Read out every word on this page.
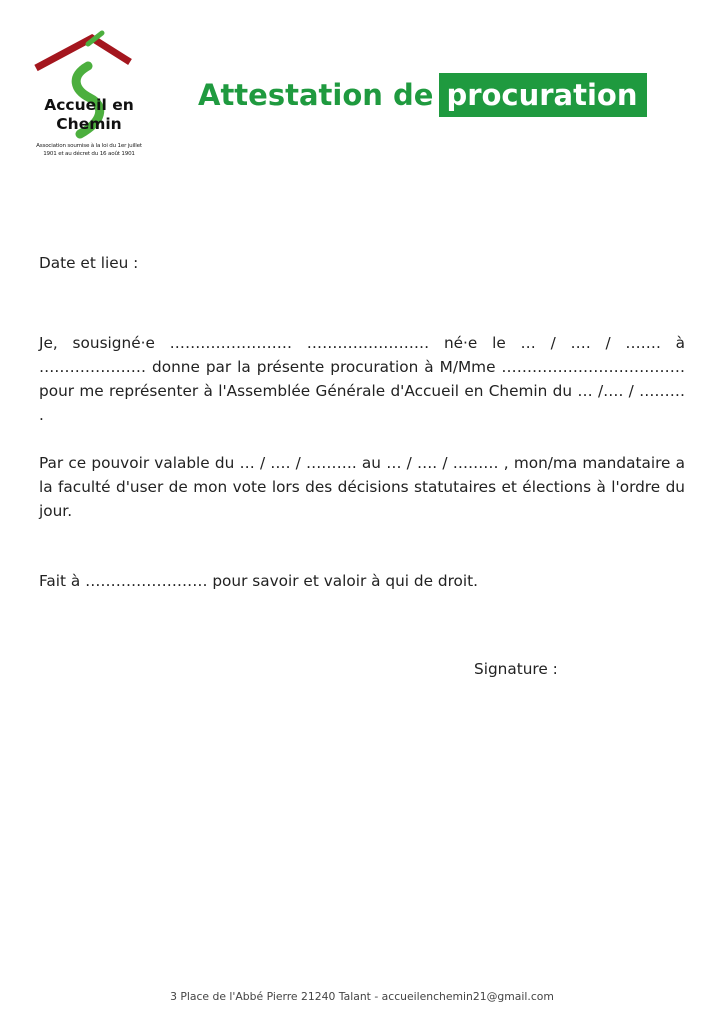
Accueil en
Chemin
Association soumise à la loi du 1er juillet
1901 et au décret du 16 août 1901
Attestation de procuration
Date et lieu :
Je, sousigné·e …………………… …………………… né·e le … / …. / ……. à ………………… donne par la présente procuration à M/Mme ……………………………… pour me représenter à l'Assemblée Générale d'Accueil en Chemin du … /…. / ……… .
Par ce pouvoir valable du … / …. / ………. au … / …. / ……… , mon/ma mandataire a la faculté d'user de mon vote lors des décisions statutaires et élections à l'ordre du jour.
Fait à …………………… pour savoir et valoir à qui de droit.
Signature :
3 Place de l'Abbé Pierre 21240 Talant - accueilenchemin21@gmail.com
